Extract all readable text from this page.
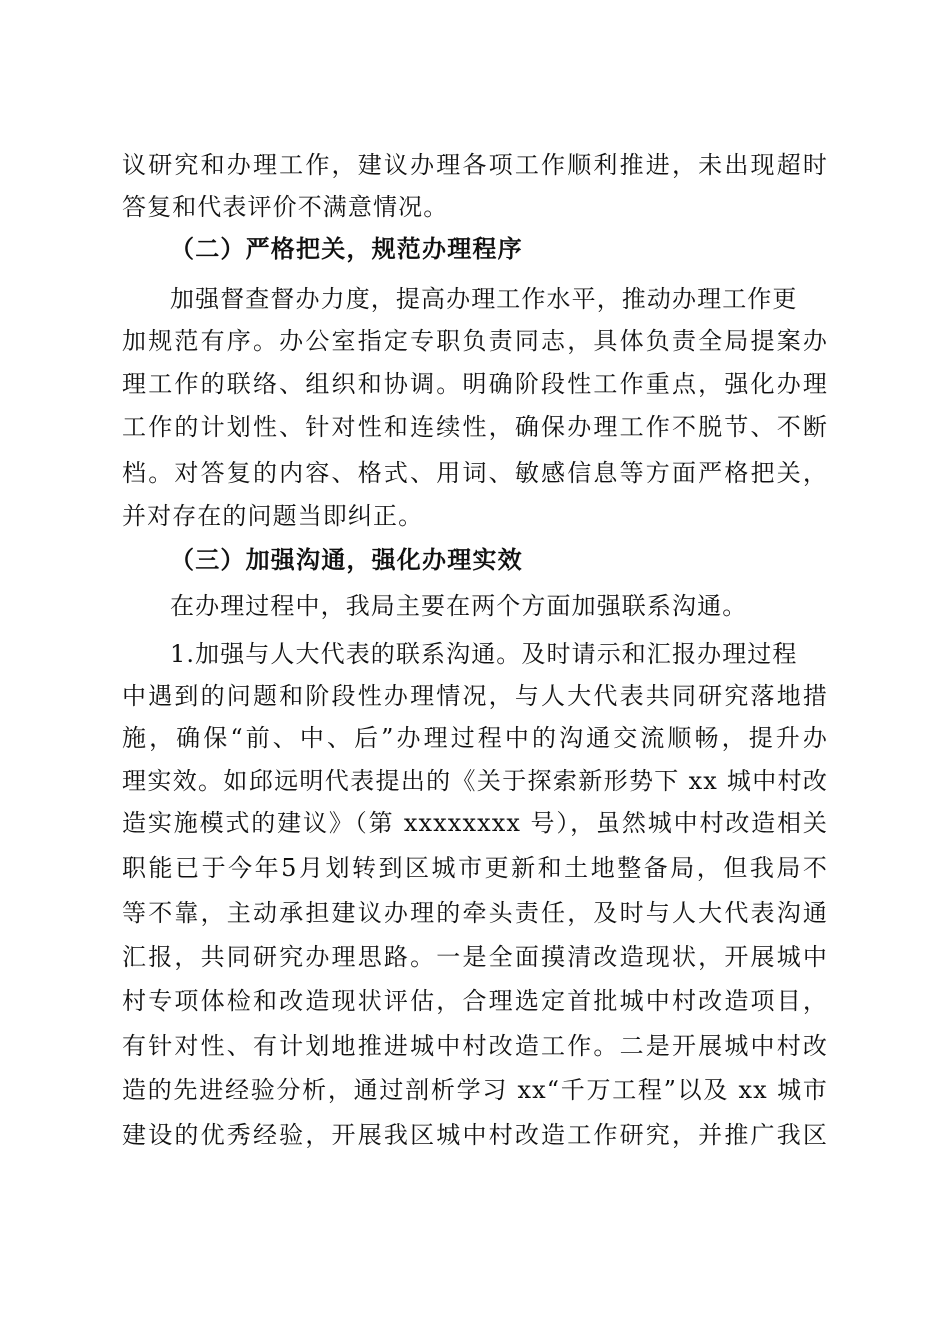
议研究和办理工作，建议办理各项工作顺利推进，未出现超时
答复和代表评价不满意情况。
（二）严格把关，规范办理程序
加强督查督办力度，提高办理工作水平，推动办理工作更
加规范有序。办公室指定专职负责同志，具体负责全局提案办
理工作的联络、组织和协调。明确阶段性工作重点，强化办理
工作的计划性、针对性和连续性，确保办理工作不脱节、不断
档。对答复的内容、格式、用词、敏感信息等方面严格把关，
并对存在的问题当即纠正。
（三）加强沟通，强化办理实效
在办理过程中，我局主要在两个方面加强联系沟通。
1.加强与人大代表的联系沟通。及时请示和汇报办理过程
中遇到的问题和阶段性办理情况，与人大代表共同研究落地措
施，确保“前、中、后”办理过程中的沟通交流顺畅，提升办
理实效。如邱远明代表提出的《关于探索新形势下 xx 城中村改
造实施模式的建议》（第 xxxxxxxx 号），虽然城中村改造相关
职能已于今年5月划转到区城市更新和土地整备局，但我局不
等不靠，主动承担建议办理的牵头责任，及时与人大代表沟通
汇报，共同研究办理思路。一是全面摸清改造现状，开展城中
村专项体检和改造现状评估，合理选定首批城中村改造项目，
有针对性、有计划地推进城中村改造工作。二是开展城中村改
造的先进经验分析，通过剖析学习 xx“千万工程”以及 xx 城市
建设的优秀经验，开展我区城中村改造工作研究，并推广我区
